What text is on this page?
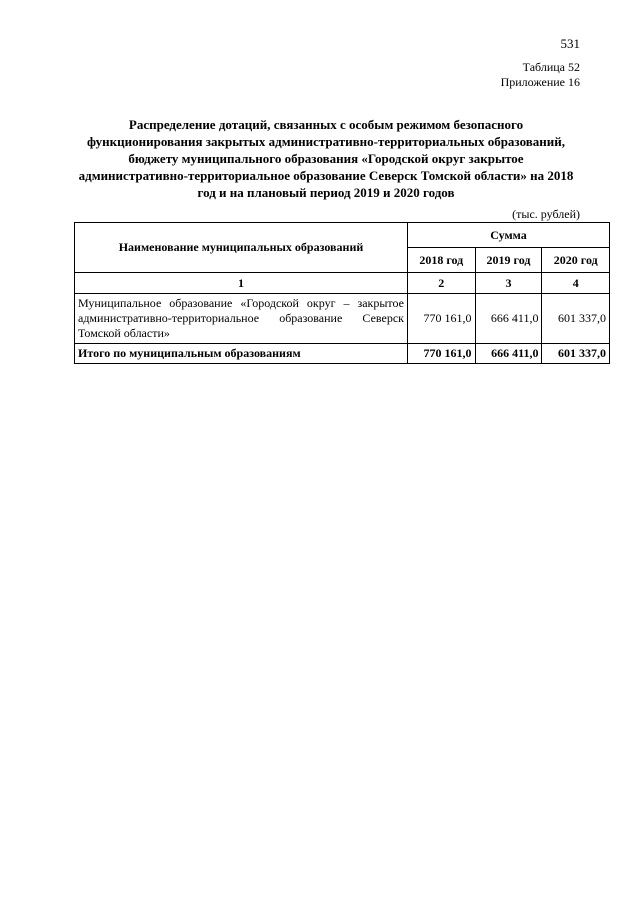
531
Таблица 52
Приложение 16
Распределение дотаций, связанных с особым режимом безопасного функционирования закрытых административно-территориальных образований, бюджету муниципального образования «Городской округ закрытое административно-территориальное образование Северск Томской области» на 2018 год и на плановый период 2019 и 2020 годов
(тыс. рублей)
Наименование муниципальных образований	Сумма		
	2018 год	2019 год	2020 год
1	2	3	4
Муниципальное образование «Городской округ – закрытое административно-территориальное образование Северск Томской области»	770 161,0	666 411,0	601 337,0
Итого по муниципальным образованиям	770 161,0	666 411,0	601 337,0
